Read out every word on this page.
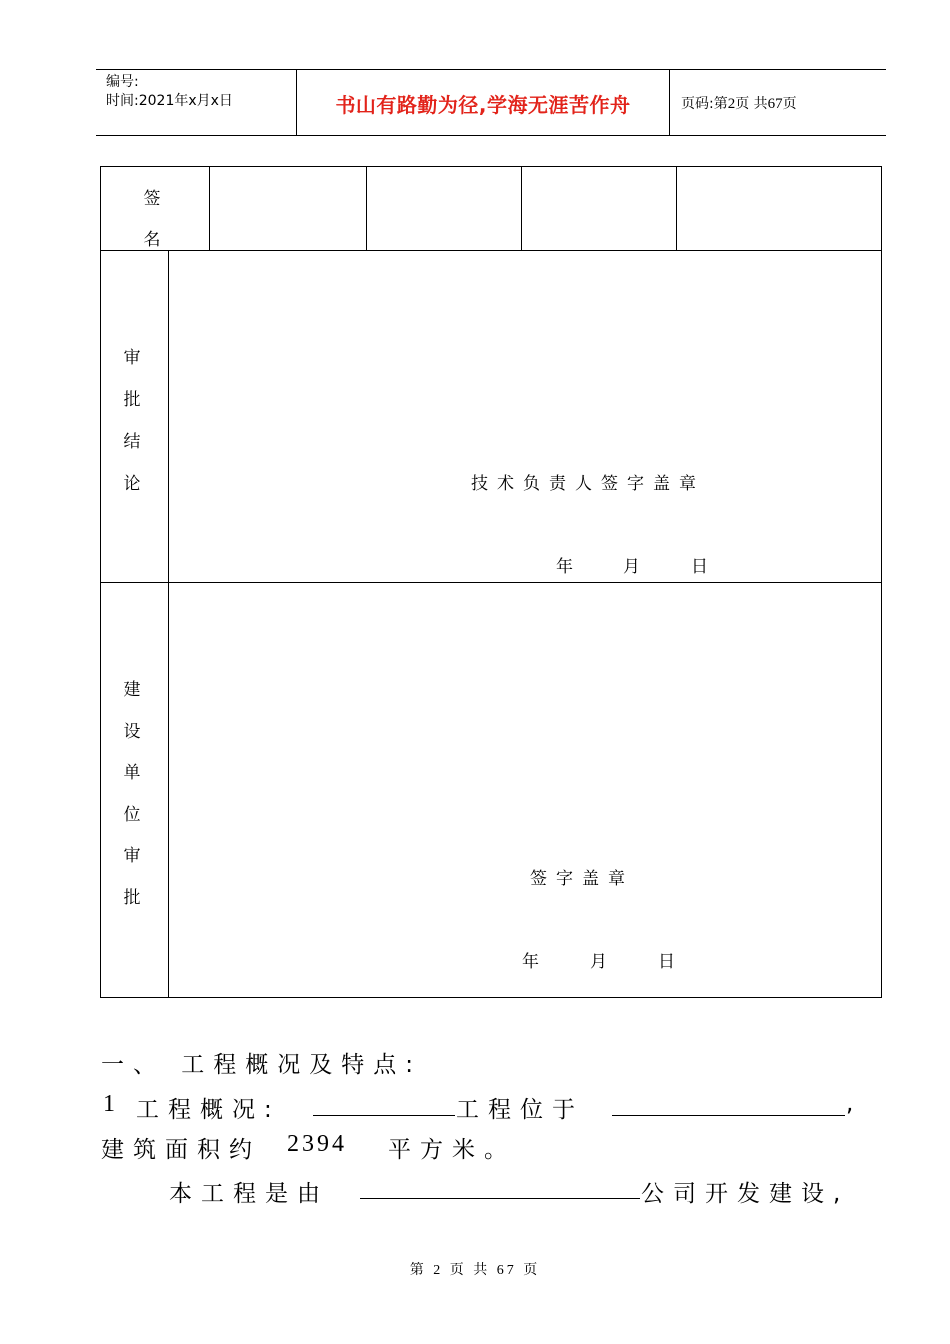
编号:
时间:2021年x月x日	书山有路勤为径,学海无涯苦作舟	页码:第2页 共67页
签
名
审
批
结
论	技术负责人签字盖章
年	月	日
建
设
单
位
审
批
签字盖章
年	月	日
一、 工程概况及特点:
1 工程概况:	工程位于	,
建筑面积约 2394 平方米。
本工程是由	公司开发建设,
第 2 页 共 67 页
